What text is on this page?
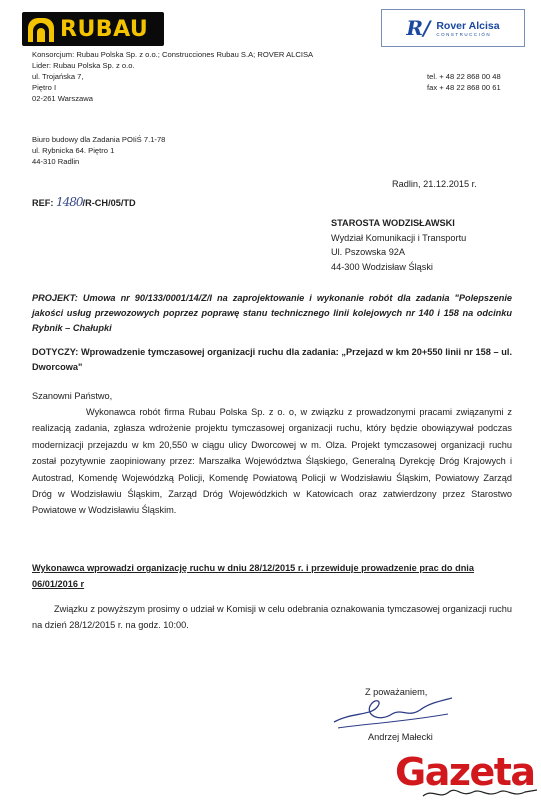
RUBAU	R/ Rover Alcisa
CONSTRUCCIÓN
Konsorcjum: Rubau Polska Sp. z o.o.; Construcciones Rubau S.A; ROVER ALCISA
Lider: Rubau Polska Sp. z o.o.
ul. Trojańska 7,
Piętro I
02-261 Warszawa
tel. + 48 22 868 00 48
fax + 48 22 868 00 61
Biuro budowy dla Zadania POIiŚ 7.1-78
ul. Rybnicka 64. Piętro 1
44-310 Radlin
Radlin, 21.12.2015 r.
REF: 1480/R-CH/05/TD
STAROSTA WODZISŁAWSKI
Wydział Komunikacji i Transportu
Ul. Pszowska 92A
44-300 Wodzisław Śląski
PROJEKT: Umowa nr 90/133/0001/14/Z/I na zaprojektowanie i wykonanie robót dla zadania "Polepszenie jakości usług przewozowych poprzez poprawę stanu technicznego linii kolejowych nr 140 i 158 na odcinku Rybnik – Chałupki
DOTYCZY: Wprowadzenie tymczasowej organizacji ruchu dla zadania: „Przejazd w km 20+550 linii nr 158 – ul. Dworcowa"
Szanowni Państwo,
Wykonawca robót firma Rubau Polska Sp. z o. o, w związku z prowadzonymi pracami związanymi z realizacją zadania, zgłasza wdrożenie projektu tymczasowej organizacji ruchu, który będzie obowiązywał podczas modernizacji przejazdu w km 20,550 w ciągu ulicy Dworcowej w m. Olza. Projekt tymczasowej organizacji ruchu został pozytywnie zaopiniowany przez: Marszałka Województwa Śląskiego, Generalną Dyrekcję Dróg Krajowych i Autostrad, Komendę Wojewódzką Policji, Komendę Powiatową Policji w Wodzisławiu Śląskim, Powiatowy Zarząd Dróg w Wodzisławiu Śląskim, Zarząd Dróg Wojewódzkich w Katowicach oraz zatwierdzony przez Starostwo Powiatowe w Wodzisławiu Śląskim.
Wykonawca wprowadzi organizację ruchu w dniu 28/12/2015 r. i przewiduje prowadzenie prac do dnia 06/01/2016 r
Związku z powyższym prosimy o udział w Komisji w celu odebrania oznakowania tymczasowej organizacji ruchu na dzień 28/12/2015 r. na godz. 10:00.
Z poważaniem,
Andrzej Małecki
Gazeta
